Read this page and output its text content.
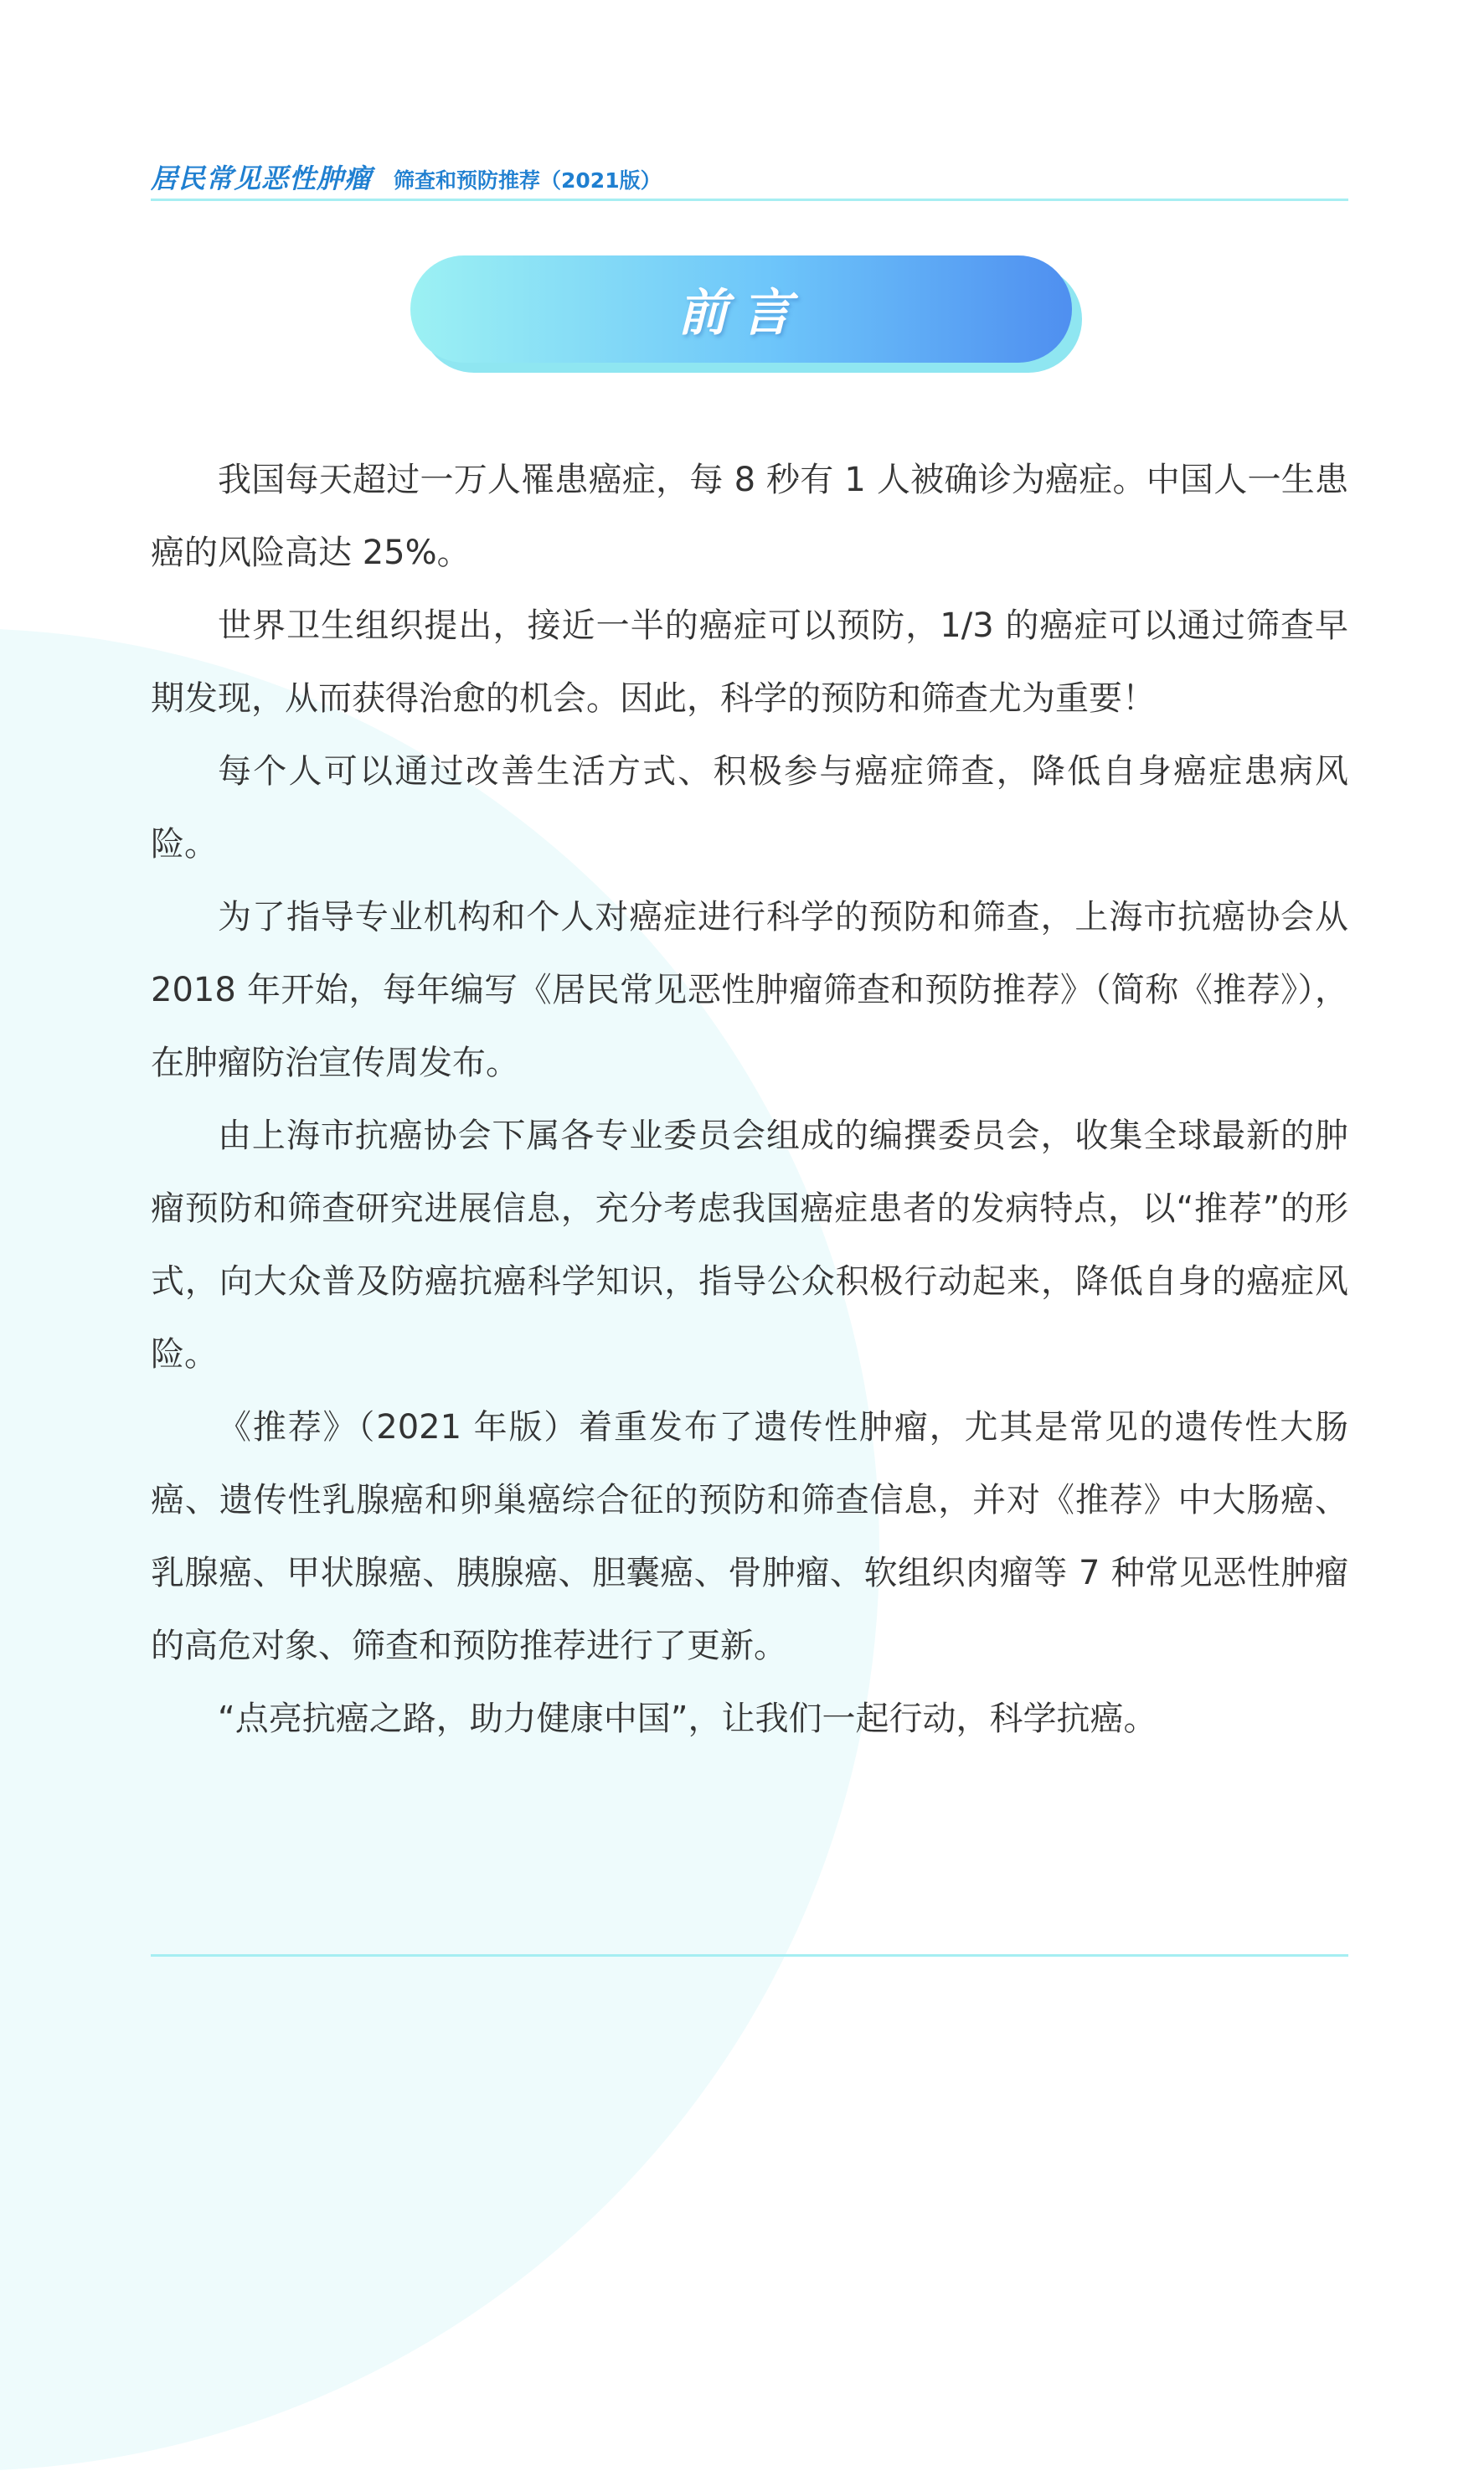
居民常见恶性肿瘤 筛查和预防推荐（2021版）
前言

我国每天超过一万人罹患癌症，每 8 秒有 1 人被确诊为癌症。中国人一生患癌的风险高达 25%。

世界卫生组织提出，接近一半的癌症可以预防，1/3 的癌症可以通过筛查早期发现，从而获得治愈的机会。因此，科学的预防和筛查尤为重要！

每个人可以通过改善生活方式、积极参与癌症筛查，降低自身癌症患病风险。

为了指导专业机构和个人对癌症进行科学的预防和筛查，上海市抗癌协会从 2018 年开始，每年编写《居民常见恶性肿瘤筛查和预防推荐》（简称《推荐》），在肿瘤防治宣传周发布。

由上海市抗癌协会下属各专业委员会组成的编撰委员会，收集全球最新的肿瘤预防和筛查研究进展信息，充分考虑我国癌症患者的发病特点，以“推荐”的形式，向大众普及防癌抗癌科学知识，指导公众积极行动起来，降低自身的癌症风险。

《推荐》（2021 年版）着重发布了遗传性肿瘤，尤其是常见的遗传性大肠癌、遗传性乳腺癌和卵巢癌综合征的预防和筛查信息，并对《推荐》中大肠癌、乳腺癌、甲状腺癌、胰腺癌、胆囊癌、骨肿瘤、软组织肉瘤等 7 种常见恶性肿瘤的高危对象、筛查和预防推荐进行了更新。

“点亮抗癌之路，助力健康中国”，让我们一起行动，科学抗癌。
